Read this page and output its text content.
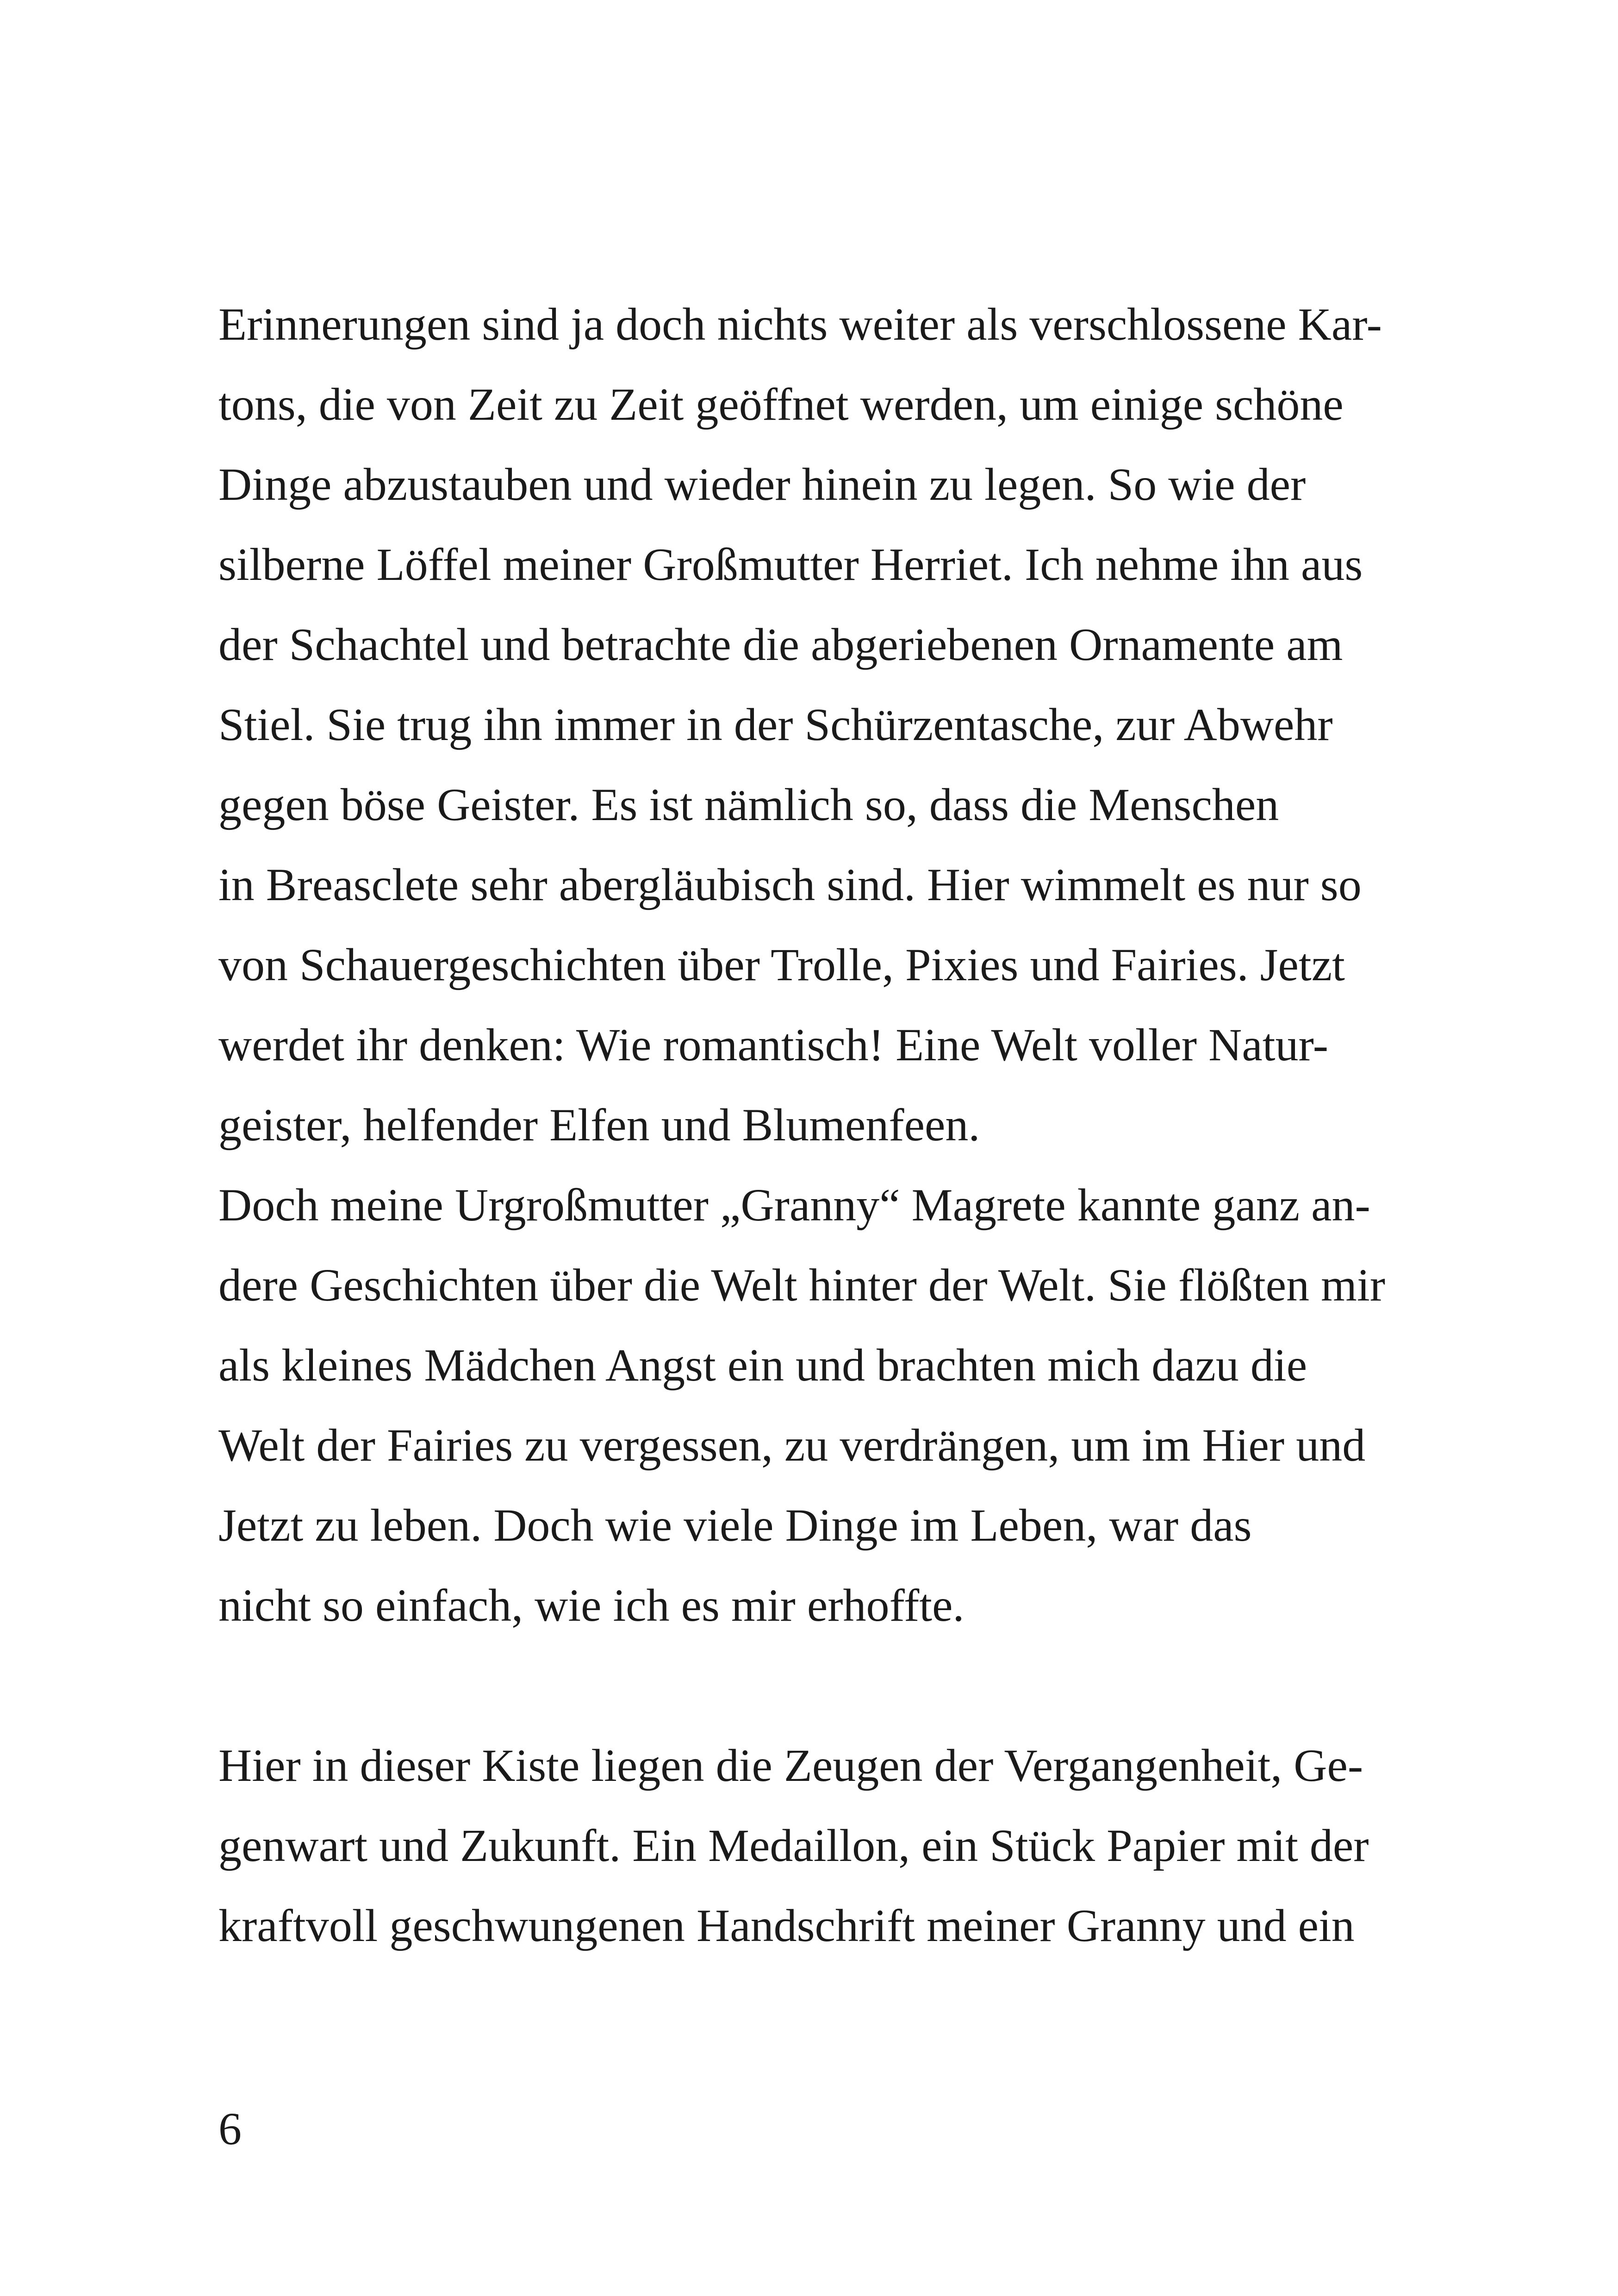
Erinnerungen sind ja doch nichts weiter als verschlossene Kar-
tons, die von Zeit zu Zeit geöffnet werden, um einige schöne
Dinge abzustauben und wieder hinein zu legen. So wie der
silberne Löffel meiner Großmutter Herriet. Ich nehme ihn aus
der Schachtel und betrachte die abgeriebenen Ornamente am
Stiel. Sie trug ihn immer in der Schürzentasche, zur Abwehr
gegen böse Geister. Es ist nämlich so, dass die Menschen
in Breasclete sehr abergläubisch sind. Hier wimmelt es nur so
von Schauergeschichten über Trolle, Pixies und Fairies. Jetzt
werdet ihr denken: Wie romantisch! Eine Welt voller Natur-
geister, helfender Elfen und Blumenfeen.
Doch meine Urgroßmutter „Granny“ Magrete kannte ganz an-
dere Geschichten über die Welt hinter der Welt. Sie flößten mir
als kleines Mädchen Angst ein und brachten mich dazu die
Welt der Fairies zu vergessen, zu verdrängen, um im Hier und
Jetzt zu leben. Doch wie viele Dinge im Leben, war das
nicht so einfach, wie ich es mir erhoffte.
Hier in dieser Kiste liegen die Zeugen der Vergangenheit, Ge-
genwart und Zukunft. Ein Medaillon, ein Stück Papier mit der
kraftvoll geschwungenen Handschrift meiner Granny und ein
6
